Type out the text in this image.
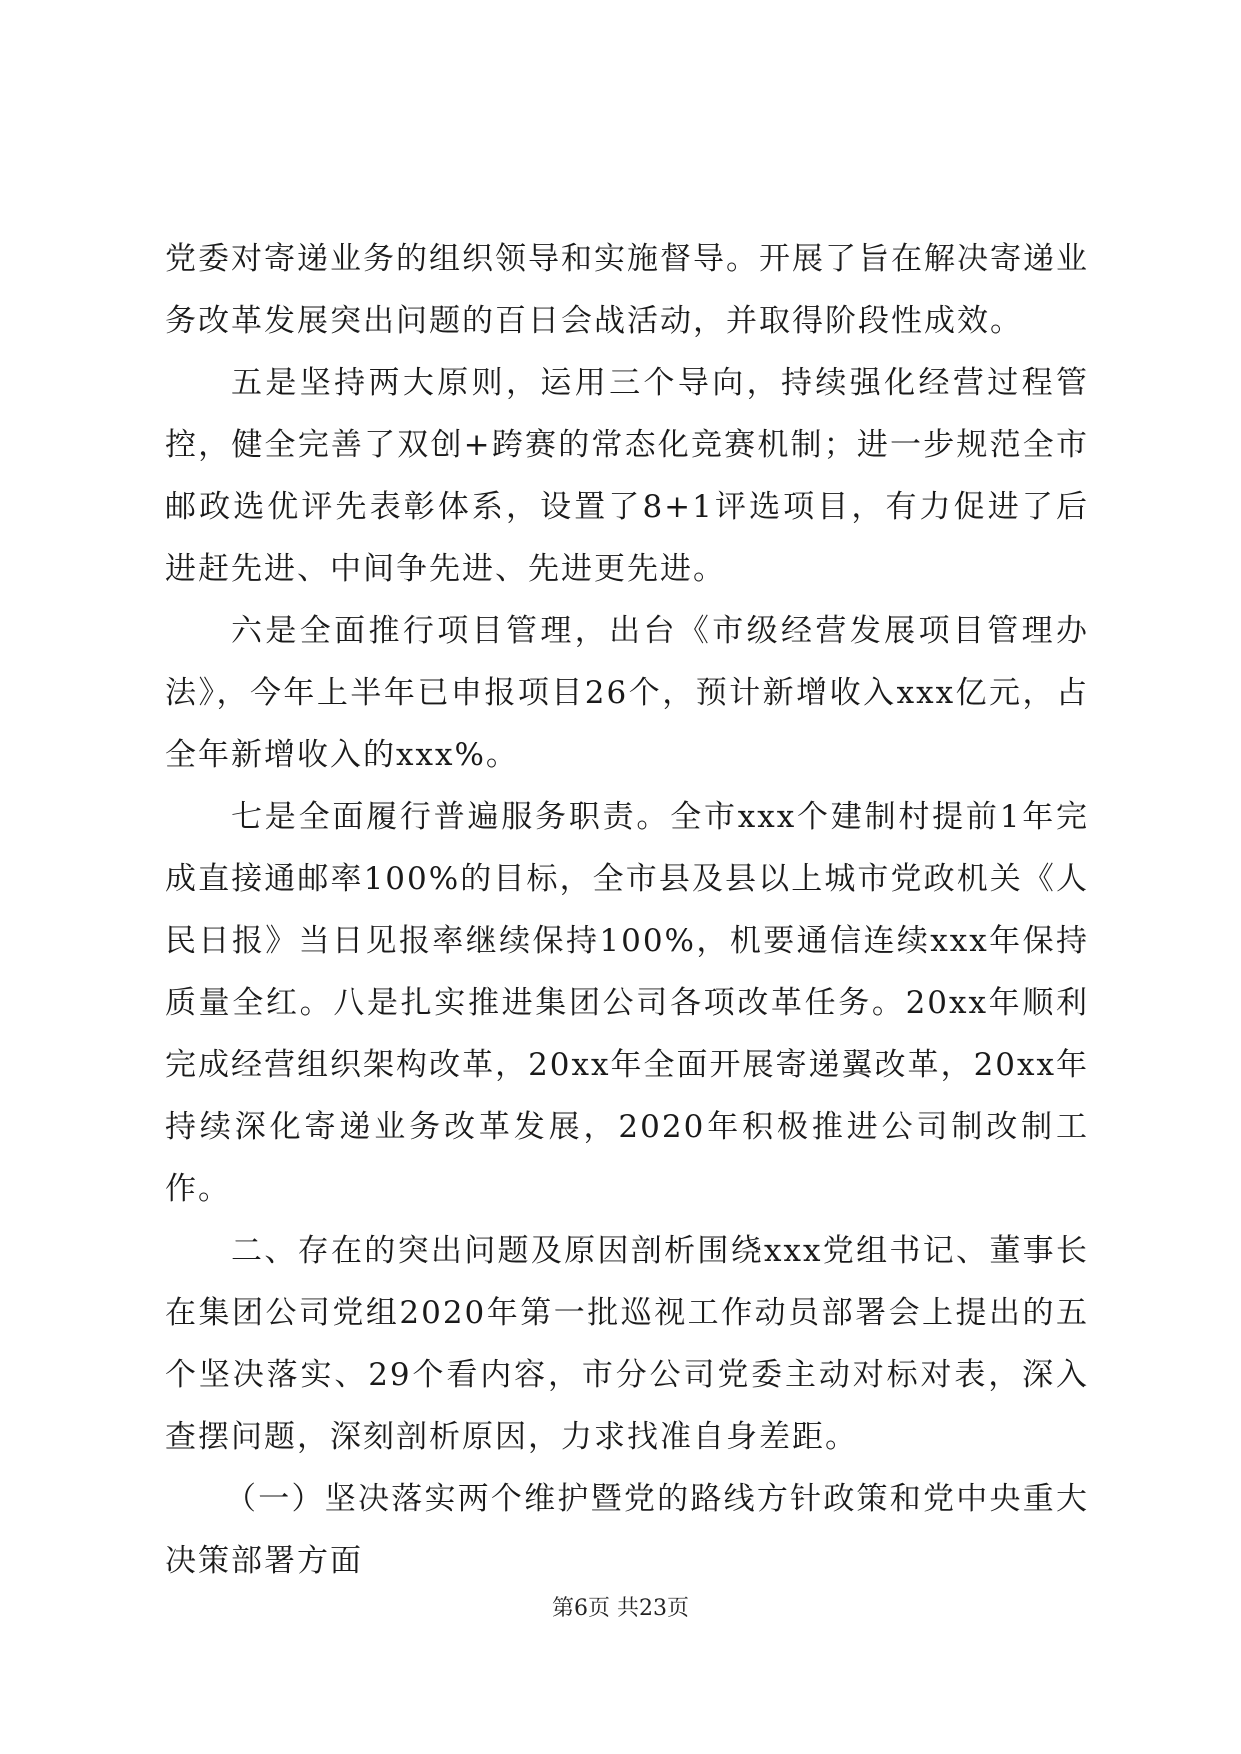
党委对寄递业务的组织领导和实施督导。开展了旨在解决寄递业务改革发展突出问题的百日会战活动，并取得阶段性成效。

五是坚持两大原则，运用三个导向，持续强化经营过程管控，健全完善了双创+跨赛的常态化竞赛机制；进一步规范全市邮政选优评先表彰体系，设置了8+1评选项目，有力促进了后进赶先进、中间争先进、先进更先进。

六是全面推行项目管理，出台《市级经营发展项目管理办法》，今年上半年已申报项目26个，预计新增收入xxx亿元，占全年新增收入的xxx%。

七是全面履行普遍服务职责。全市xxx个建制村提前1年完成直接通邮率100%的目标，全市县及县以上城市党政机关《人民日报》当日见报率继续保持100%，机要通信连续xxx年保持质量全红。八是扎实推进集团公司各项改革任务。20xx年顺利完成经营组织架构改革，20xx年全面开展寄递翼改革，20xx年持续深化寄递业务改革发展，2020年积极推进公司制改制工作。

二、存在的突出问题及原因剖析围绕xxx党组书记、董事长在集团公司党组2020年第一批巡视工作动员部署会上提出的五个坚决落实、29个看内容，市分公司党委主动对标对表，深入查摆问题，深刻剖析原因，力求找准自身差距。

（一）坚决落实两个维护暨党的路线方针政策和党中央重大决策部署方面

第6页 共23页
